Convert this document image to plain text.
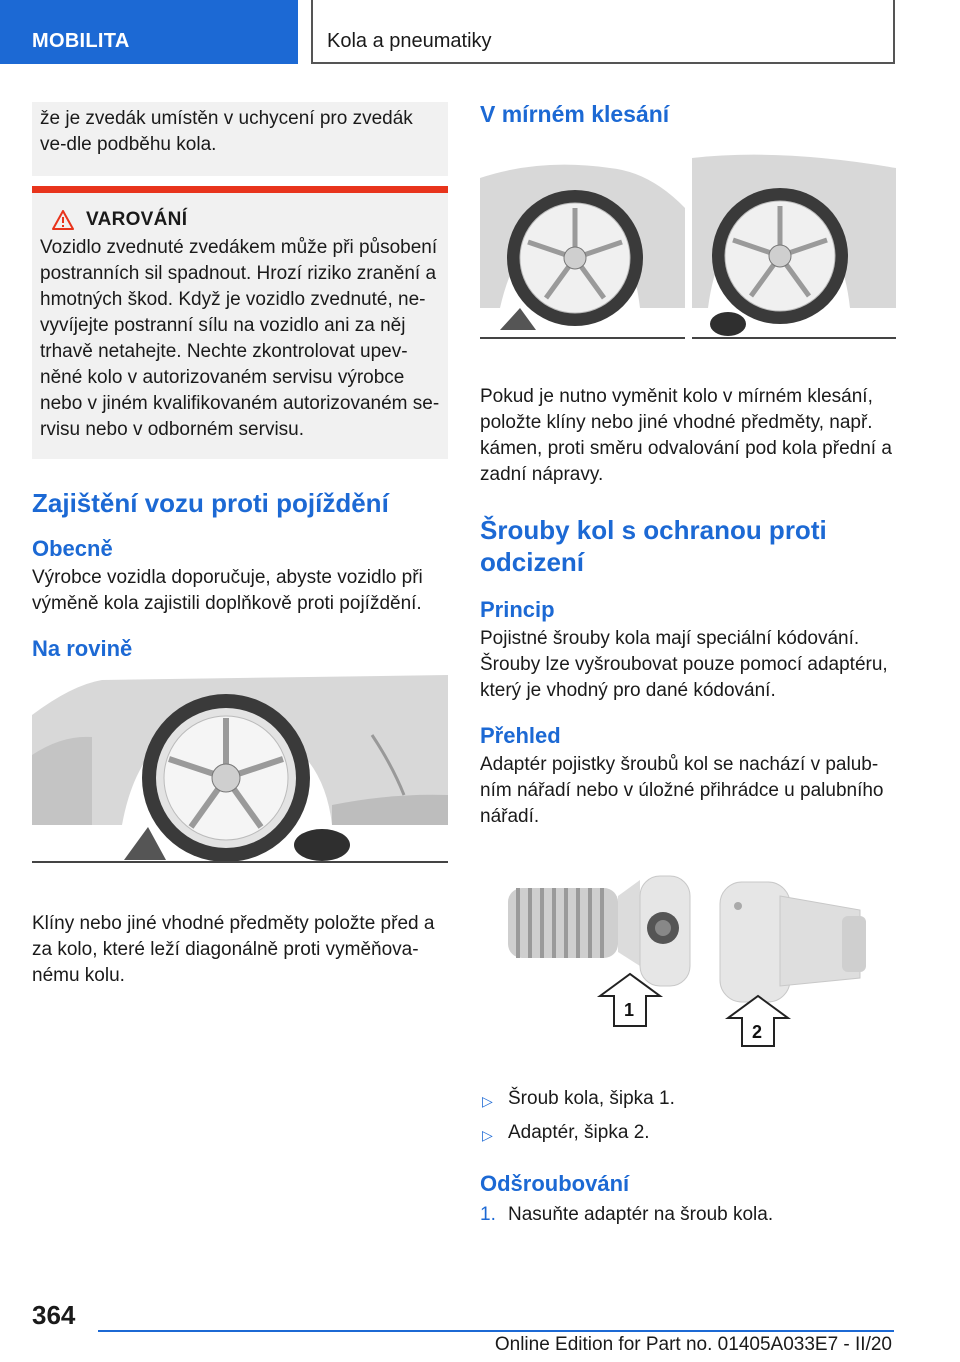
MOBILITA	Kola a pneumatiky

že je zvedák umístěn v uchycení pro zvedák ve-dle podběhu kola.

VAROVÁNÍ

Vozidlo zvednuté zvedákem může při působení postranních sil spadnout. Hrozí riziko zranění a hmotných škod. Když je vozidlo zvednuté, ne-vyvíjejte postranní sílu na vozidlo ani za něj trhavě netahejte. Nechte zkontrolovat upev-něné kolo v autorizovaném servisu výrobce nebo v jiném kvalifikovaném autorizovaném se-rvisu nebo v odborném servisu.

Zajištění vozu proti pojíždění
Obecně

Výrobce vozidla doporučuje, abyste vozidlo při výměně kola zajistili doplňkově proti pojíždění.

Na rovině

Klíny nebo jiné vhodné předměty položte před a za kolo, které leží diagonálně proti vyměňova-nému kolu.

V mírném klesání

Pokud je nutno vyměnit kolo v mírném klesání, položte klíny nebo jiné vhodné předměty, např. kámen, proti směru odvalování pod kola přední a zadní nápravy.

Šrouby kol s ochranou proti odcizení
Princip

Pojistné šrouby kola mají speciální kódování. Šrouby lze vyšroubovat pouze pomocí adaptéru, který je vhodný pro dané kódování.

Přehled

Adaptér pojistky šroubů kol se nachází v palub-ním nářadí nebo v úložné přihrádce u palubního nářadí.

1
2
▷ Šroub kola, šipka 1.
▷ Adaptér, šipka 2.
Odšroubování
1. Nasuňte adaptér na šroub kola.
364
Online Edition for Part no. 01405A033E7 - II/20
